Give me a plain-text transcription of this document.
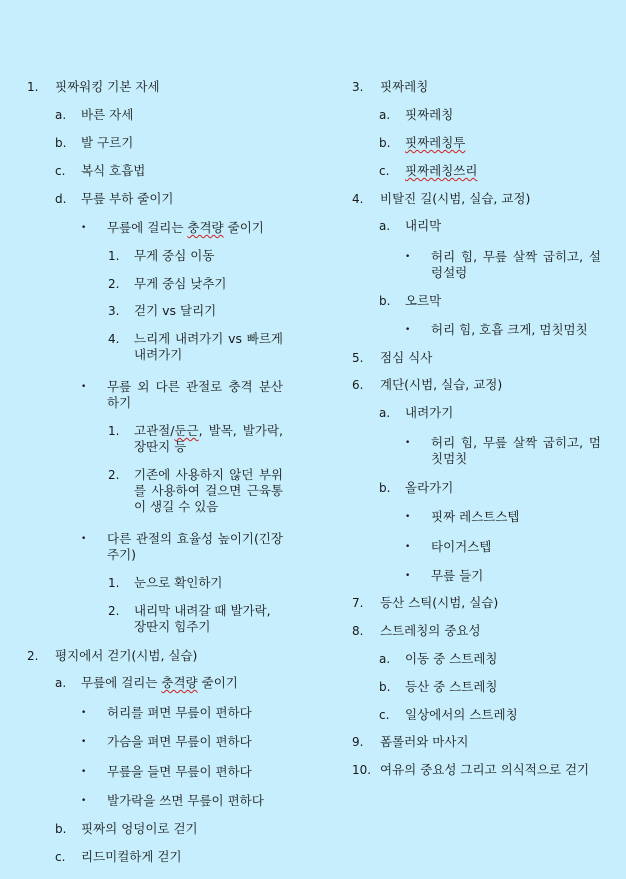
1. 핏짜워킹 기본 자세
a. 바른 자세
b. 발 구르기
c. 복식 호흡법
d. 무릎 부하 줄이기
• 무릎에 걸리는 충격량 줄이기
1. 무게 중심 이동
2. 무게 중심 낮추기
3. 걷기 vs 달리기
4. 느리게 내려가기 vs 빠르게 내려가기
• 무릎 외 다른 관절로 충격 분산하기
1. 고관절/둔근, 발목, 발가락, 장딴지 등
2. 기존에 사용하지 않던 부위를 사용하여 걸으면 근육통이 생길 수 있음
• 다른 관절의 효율성 높이기(긴장 주기)
1. 눈으로 확인하기
2. 내리막 내려갈 때 발가락, 장딴지 힘주기
2. 평지에서 걷기(시범, 실습)
a. 무릎에 걸리는 충격량 줄이기
• 허리를 펴면 무릎이 편하다
• 가슴을 펴면 무릎이 편하다
• 무릎을 들면 무릎이 편하다
• 발가락을 쓰면 무릎이 편하다
b. 핏짜의 엉덩이로 걷기
c. 리드미컬하게 걷기
3. 핏짜레칭
a. 핏짜레칭
b. 핏짜레칭투
c. 핏짜레칭쓰리
4. 비탈진 길(시범, 실습, 교정)
a. 내리막
• 허리 힘, 무릎 살짝 굽히고, 설렁설렁
b. 오르막
• 허리 힘, 호흡 크게, 멈칫멈칫
5. 점심 식사
6. 계단(시범, 실습, 교정)
a. 내려가기
• 허리 힘, 무릎 살짝 굽히고, 멈칫멈칫
b. 올라가기
• 핏짜 레스트스텝
• 타이거스텝
• 무릎 들기
7. 등산 스틱(시범, 실습)
8. 스트레칭의 중요성
a. 이동 중 스트레칭
b. 등산 중 스트레칭
c. 일상에서의 스트레칭
9. 폼롤러와 마사지
10. 여유의 중요성 그리고 의식적으로 걷기
